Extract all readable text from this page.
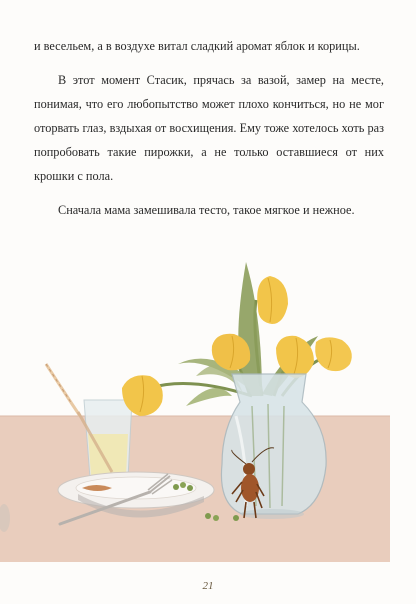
и весельем, а в воздухе витал сладкий аромат яблок и корицы.

В этот момент Стасик, прячась за вазой, замер на месте, понимая, что его любопытство может плохо кончиться, но не мог оторвать глаз, вздыхая от восхищения. Ему тоже хотелось хоть раз попробовать такие пирожки, а не только оставшиеся от них крошки с пола.

Сначала мама замешивала тесто, такое мягкое и нежное.

21
